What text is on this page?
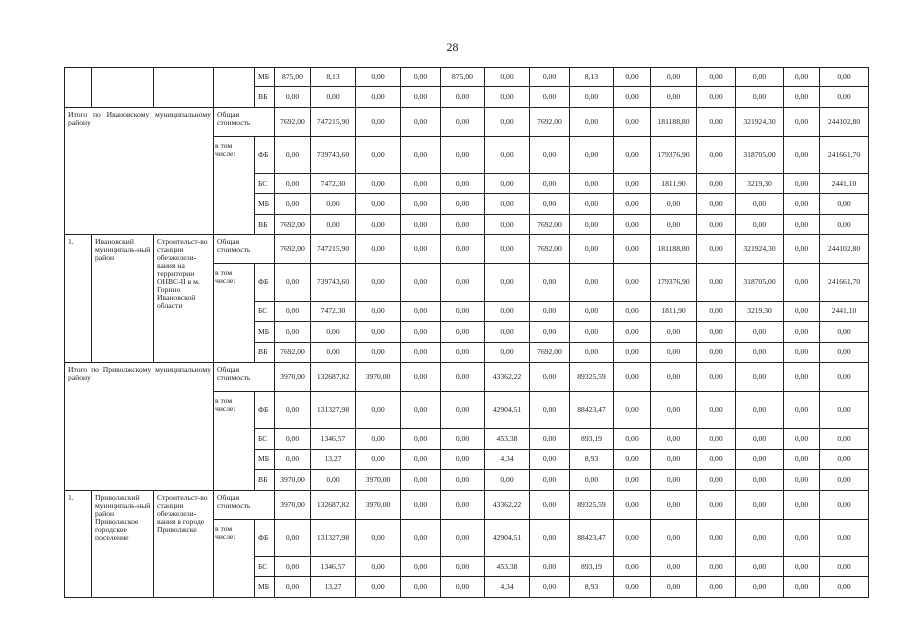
28
				МБ	875,00	8,13	0,00	0,00	875,00	0,00	0,00	8,13	0,00	0,00	0,00	0,00	0,00	0,00
				ВБ	0,00	0,00	0,00	0,00	0,00	0,00	0,00	0,00	0,00	0,00	0,00	0,00	0,00	0,00
Итого по Ивановскому муниципальному району			Общая стоимость		7692,00	747215,90	0,00	0,00	0,00	0,00	7692,00	0,00	0,00	181188,80	0,00	321924,30	0,00	244102,80
			в том числе:	ФБ	0,00	739743,60	0,00	0,00	0,00	0,00	0,00	0,00	0,00	179376,90	0,00	318705,00	0,00	241661,70
				БС	0,00	7472,30	0,00	0,00	0,00	0,00	0,00	0,00	0,00	1811,90	0,00	3219,30	0,00	2441,10
				МБ	0,00	0,00	0,00	0,00	0,00	0,00	0,00	0,00	0,00	0,00	0,00	0,00	0,00	0,00
				ВБ	7692,00	0,00	0,00	0,00	0,00	0,00	7692,00	0,00	0,00	0,00	0,00	0,00	0,00	0,00
1.	Ивановский муниципаль-ный район	Строительст-во станции обезжелези-вания на территории ОНВС-II в м. Горино Ивановской области	Общая стоимость		7692,00	747215,90	0,00	0,00	0,00	0,00	7692,00	0,00	0,00	181188,80	0,00	321924,30	0,00	244102,80
			в том числе:	ФБ	0,00	739743,60	0,00	0,00	0,00	0,00	0,00	0,00	0,00	179376,90	0,00	318705,00	0,00	241661,70
				БС	0,00	7472,30	0,00	0,00	0,00	0,00	0,00	0,00	0,00	1811,90	0,00	3219,30	0,00	2441,10
				МБ	0,00	0,00	0,00	0,00	0,00	0,00	0,00	0,00	0,00	0,00	0,00	0,00	0,00	0,00
				ВБ	7692,00	0,00	0,00	0,00	0,00	0,00	7692,00	0,00	0,00	0,00	0,00	0,00	0,00	0,00
Итого по Приволжскому муниципальному району			Общая стоимость		3970,00	132687,82	3970,00	0,00	0,00	43362,22	0,00	89325,59	0,00	0,00	0,00	0,00	0,00	0,00
			в том числе:	ФБ	0,00	131327,98	0,00	0,00	0,00	42904,51	0,00	88423,47	0,00	0,00	0,00	0,00	0,00	0,00
				БС	0,00	1346,57	0,00	0,00	0,00	453,38	0,00	893,19	0,00	0,00	0,00	0,00	0,00	0,00
				МБ	0,00	13,27	0,00	0,00	0,00	4,34	0,00	8,93	0,00	0,00	0,00	0,00	0,00	0,00
				ВБ	3970,00	0,00	3970,00	0,00	0,00	0,00	0,00	0,00	0,00	0,00	0,00	0,00	0,00	0,00
1.	Приволжский муниципаль-ный район Приволжское городское поселение	Строительст-во станции обезжелези-вания в городе Приволжске	Общая стоимость		3970,00	132687,82	3970,00	0,00	0,00	43362,22	0,00	89325,59	0,00	0,00	0,00	0,00	0,00	0,00
			в том числе:	ФБ	0,00	131327,98	0,00	0,00	0,00	42904,51	0,00	88423,47	0,00	0,00	0,00	0,00	0,00	0,00
				БС	0,00	1346,57	0,00	0,00	0,00	453,38	0,00	893,19	0,00	0,00	0,00	0,00	0,00	0,00
				МБ	0,00	13,27	0,00	0,00	0,00	4,34	0,00	8,93	0,00	0,00	0,00	0,00	0,00	0,00
